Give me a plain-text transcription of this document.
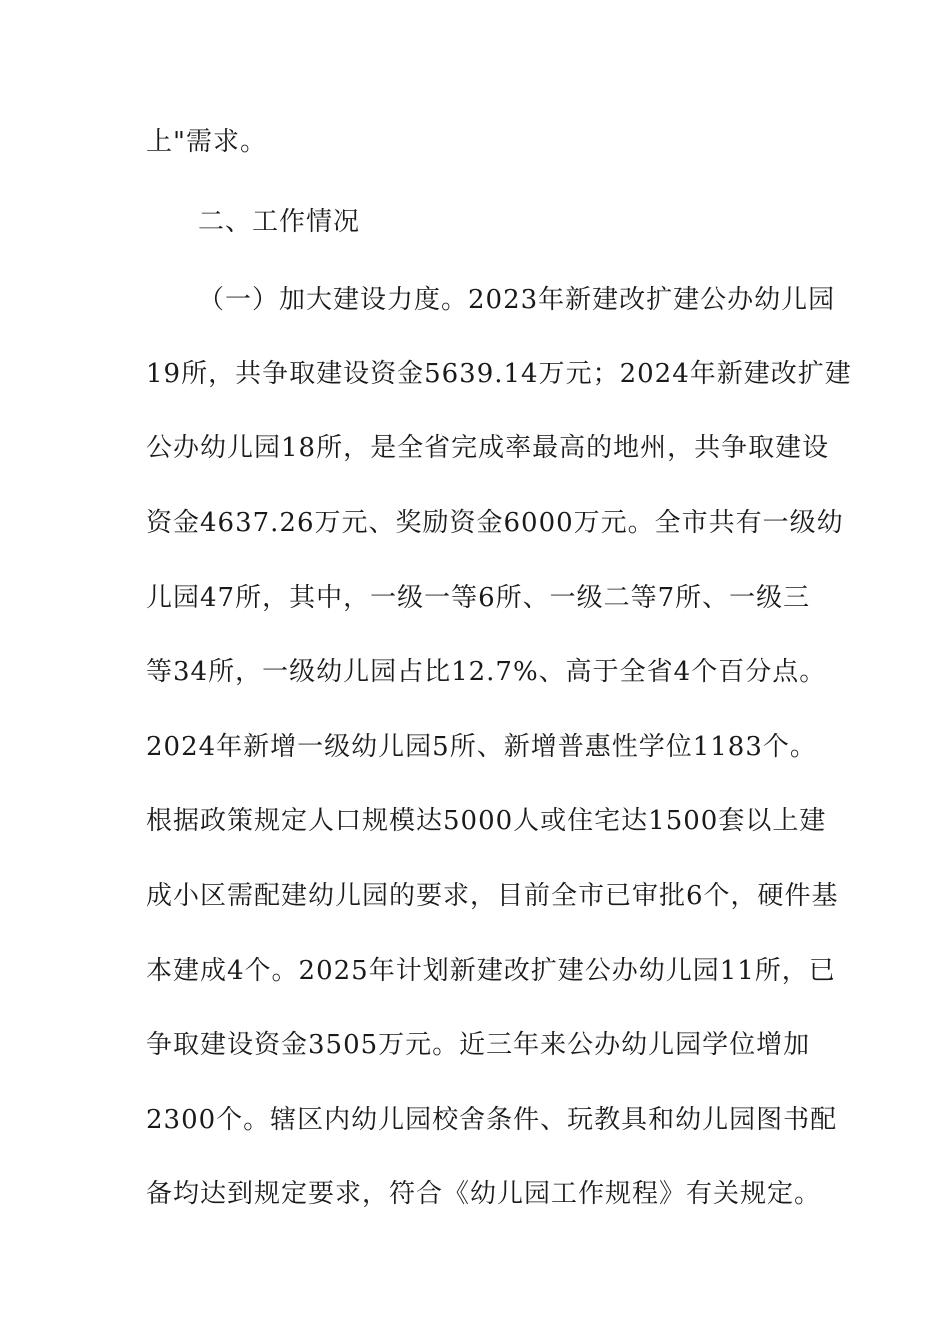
上"需求。
二、工作情况
（一）加大建设力度。2023年新建改扩建公办幼儿园
19所，共争取建设资金5639.14万元；2024年新建改扩建
公办幼儿园18所，是全省完成率最高的地州，共争取建设
资金4637.26万元、奖励资金6000万元。全市共有一级幼
儿园47所，其中，一级一等6所、一级二等7所、一级三
等34所，一级幼儿园占比12.7%、高于全省4个百分点。
2024年新增一级幼儿园5所、新增普惠性学位1183个。
根据政策规定人口规模达5000人或住宅达1500套以上建
成小区需配建幼儿园的要求，目前全市已审批6个，硬件基
本建成4个。2025年计划新建改扩建公办幼儿园11所，已
争取建设资金3505万元。近三年来公办幼儿园学位增加
2300个。辖区内幼儿园校舍条件、玩教具和幼儿园图书配
备均达到规定要求，符合《幼儿园工作规程》有关规定。
